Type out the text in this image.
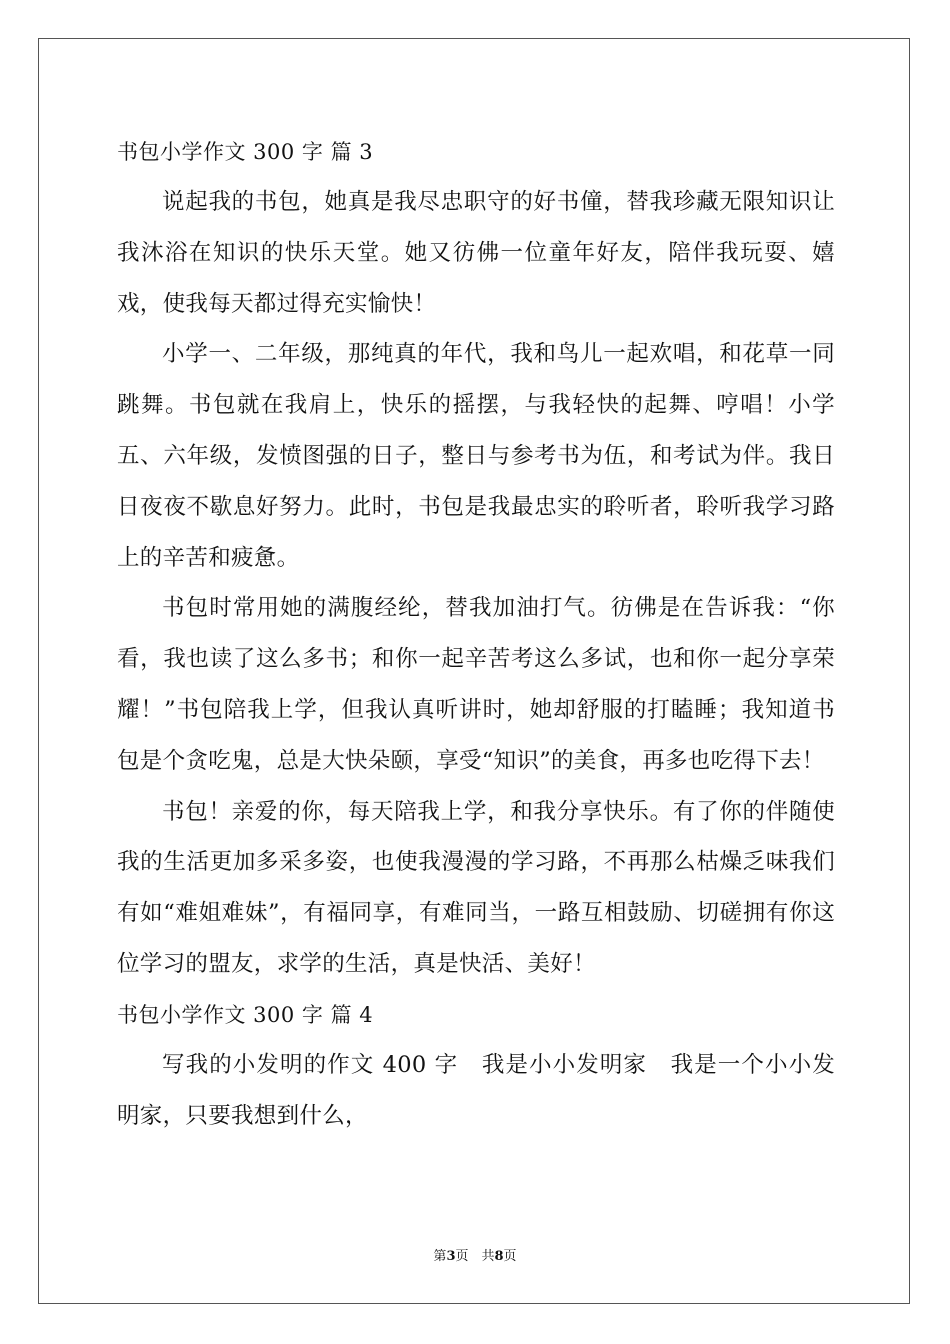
书包小学作文 300 字 篇 3

说起我的书包，她真是我尽忠职守的好书僮，替我珍藏无限知识让我沐浴在知识的快乐天堂。她又彷佛一位童年好友，陪伴我玩耍、嬉戏，使我每天都过得充实愉快！

小学一、二年级，那纯真的年代，我和鸟儿一起欢唱，和花草一同跳舞。书包就在我肩上，快乐的摇摆，与我轻快的起舞、哼唱！小学五、六年级，发愤图强的日子，整日与参考书为伍，和考试为伴。我日日夜夜不歇息好努力。此时，书包是我最忠实的聆听者，聆听我学习路上的辛苦和疲惫。

书包时常用她的满腹经纶，替我加油打气。彷佛是在告诉我：“你看，我也读了这么多书；和你一起辛苦考这么多试，也和你一起分享荣耀！”书包陪我上学，但我认真听讲时，她却舒服的打瞌睡；我知道书包是个贪吃鬼，总是大快朵颐，享受“知识”的美食，再多也吃得下去！

书包！亲爱的你，每天陪我上学，和我分享快乐。有了你的伴随使我的生活更加多采多姿，也使我漫漫的学习路，不再那么枯燥乏味我们有如“难姐难妹”，有福同享，有难同当，一路互相鼓励、切磋拥有你这位学习的盟友，求学的生活，真是快活、美好！

书包小学作文 300 字 篇 4

写我的小发明的作文 400 字　我是小小发明家　我是一个小小发明家，只要我想到什么，

第3页　共8页
